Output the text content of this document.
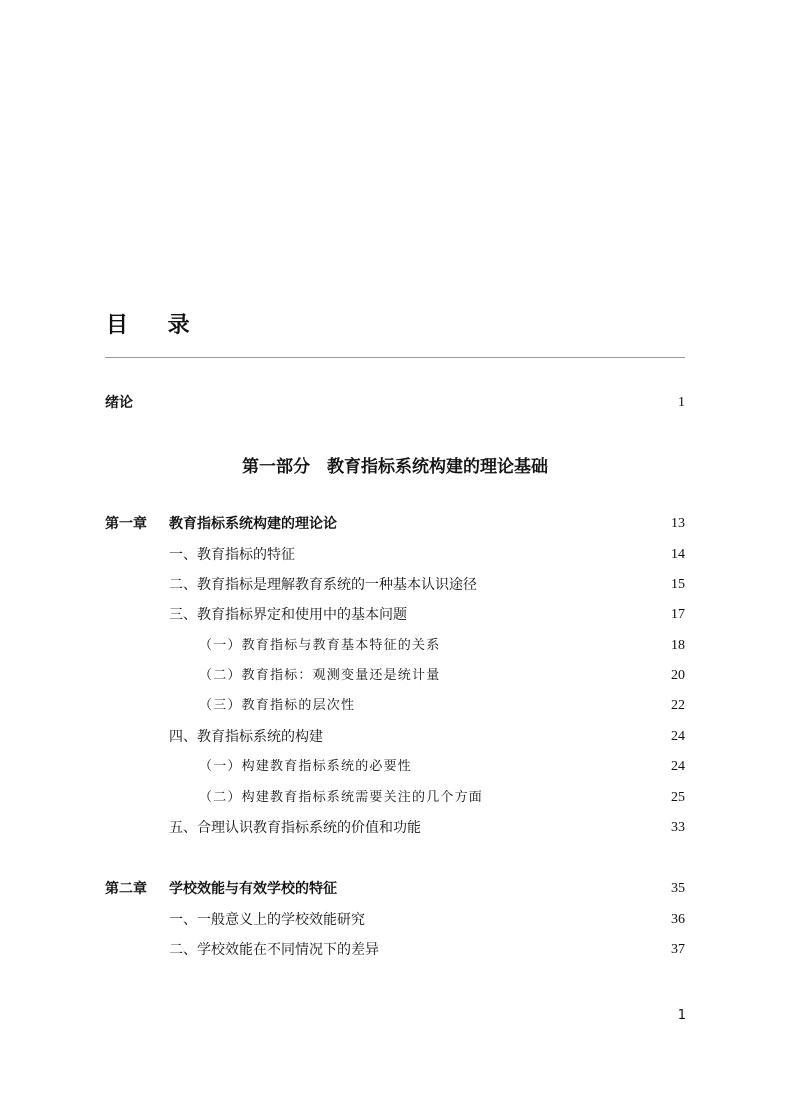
目 录
绪论	1
第一部分　教育指标系统构建的理论基础
第一章 教育指标系统构建的理论论	13
一、教育指标的特征	14
二、教育指标是理解教育系统的一种基本认识途径	15
三、教育指标界定和使用中的基本问题	17
（一）教育指标与教育基本特征的关系	18
（二）教育指标：观测变量还是统计量	20
（三）教育指标的层次性	22
四、教育指标系统的构建	24
（一）构建教育指标系统的必要性	24
（二）构建教育指标系统需要关注的几个方面	25
五、合理认识教育指标系统的价值和功能	33
第二章 学校效能与有效学校的特征	35
一、一般意义上的学校效能研究	36
二、学校效能在不同情况下的差异	37
1
